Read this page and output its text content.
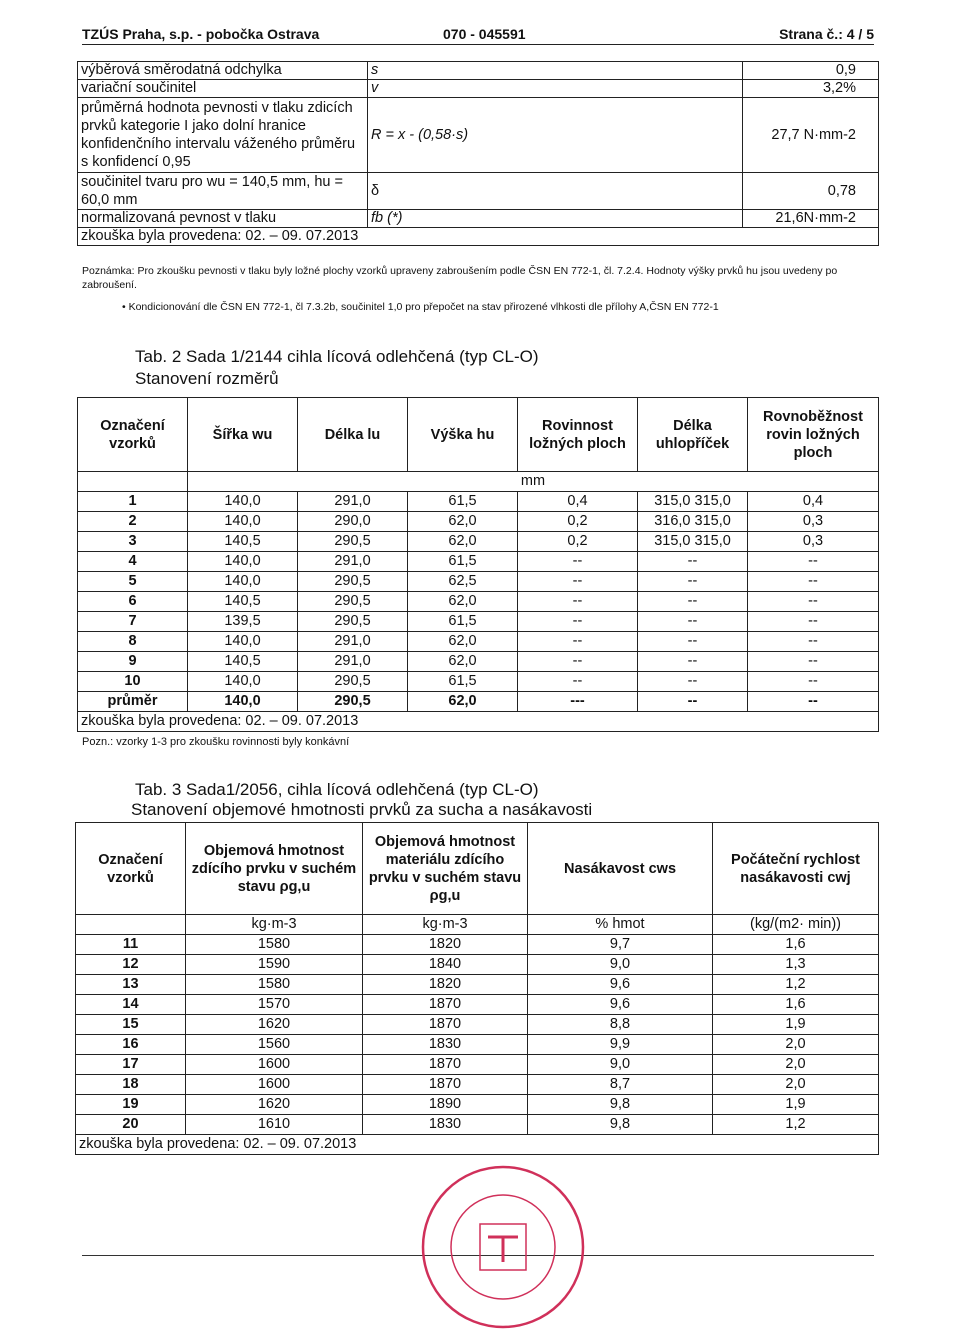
TZÚS Praha, s.p. - pobočka Ostrava	070 - 045591	Strana č.: 4 / 5
výběrová směrodatná odchylka	s	0,9
variační součinitel	v	3,2%
průměrná hodnota pevnosti v tlaku zdicích prvků kategorie I jako dolní hranice konfidenčního intervalu váženého průměru s konfidencí 0,95	R = x - (0,58·s)	27,7 N·mm-2
součinitel tvaru pro wu = 140,5 mm, hu = 60,0 mm	δ	0,78
normalizovaná pevnost v tlaku	fb (*)	21,6N·mm-2
zkouška byla provedena: 02. – 09. 07.2013		
Poznámka: Pro zkoušku pevnosti v tlaku byly ložné plochy vzorků upraveny zabroušením podle ČSN EN 772-1, čl. 7.2.4. Hodnoty výšky prvků hu jsou uvedeny po zabroušení.
• Kondicionování dle ČSN EN 772-1, čl 7.3.2b, součinitel 1,0 pro přepočet na stav přirozené vlhkosti dle přílohy A,ČSN EN 772-1
Tab. 2 Sada 1/2144 cihla lícová odlehčená (typ CL-O)
Stanovení rozměrů
Označení vzorků	Šířka wu	Délka lu	Výška hu	Rovinnost ložných ploch	Délka uhlopříček	Rovnoběžnost rovin ložných ploch
	mm					
1	140,0	291,0	61,5	0,4	315,0 315,0	0,4
2	140,0	290,0	62,0	0,2	316,0 315,0	0,3
3	140,5	290,5	62,0	0,2	315,0 315,0	0,3
4	140,0	291,0	61,5	--	--	--
5	140,0	290,5	62,5	--	--	--
6	140,5	290,5	62,0	--	--	--
7	139,5	290,5	61,5	--	--	--
8	140,0	291,0	62,0	--	--	--
9	140,5	291,0	62,0	--	--	--
10	140,0	290,5	61,5	--	--	--
průměr	140,0	290,5	62,0	---	--	--
zkouška byla provedena: 02. – 09. 07.2013						
Pozn.: vzorky 1-3 pro zkoušku rovinnosti byly konkávní
Tab. 3 Sada1/2056, cihla lícová odlehčená (typ CL-O)
Stanovení objemové hmotnosti prvků za sucha a nasákavosti
Označení vzorků	Objemová hmotnost zdícího prvku v suchém stavu ρg,u	Objemová hmotnost materiálu zdícího prvku v suchém stavu ρg,u	Nasákavost cws	Počáteční rychlost nasákavosti cwj
	kg·m-3	kg·m-3	% hmot	(kg/(m2· min))
11	1580	1820	9,7	1,6
12	1590	1840	9,0	1,3
13	1580	1820	9,6	1,2
14	1570	1870	9,6	1,6
15	1620	1870	8,8	1,9
16	1560	1830	9,9	2,0
17	1600	1870	9,0	2,0
18	1600	1870	8,7	2,0
19	1620	1890	9,8	1,9
20	1610	1830	9,8	1,2
zkouška byla provedena: 02. – 09. 07.2013				
